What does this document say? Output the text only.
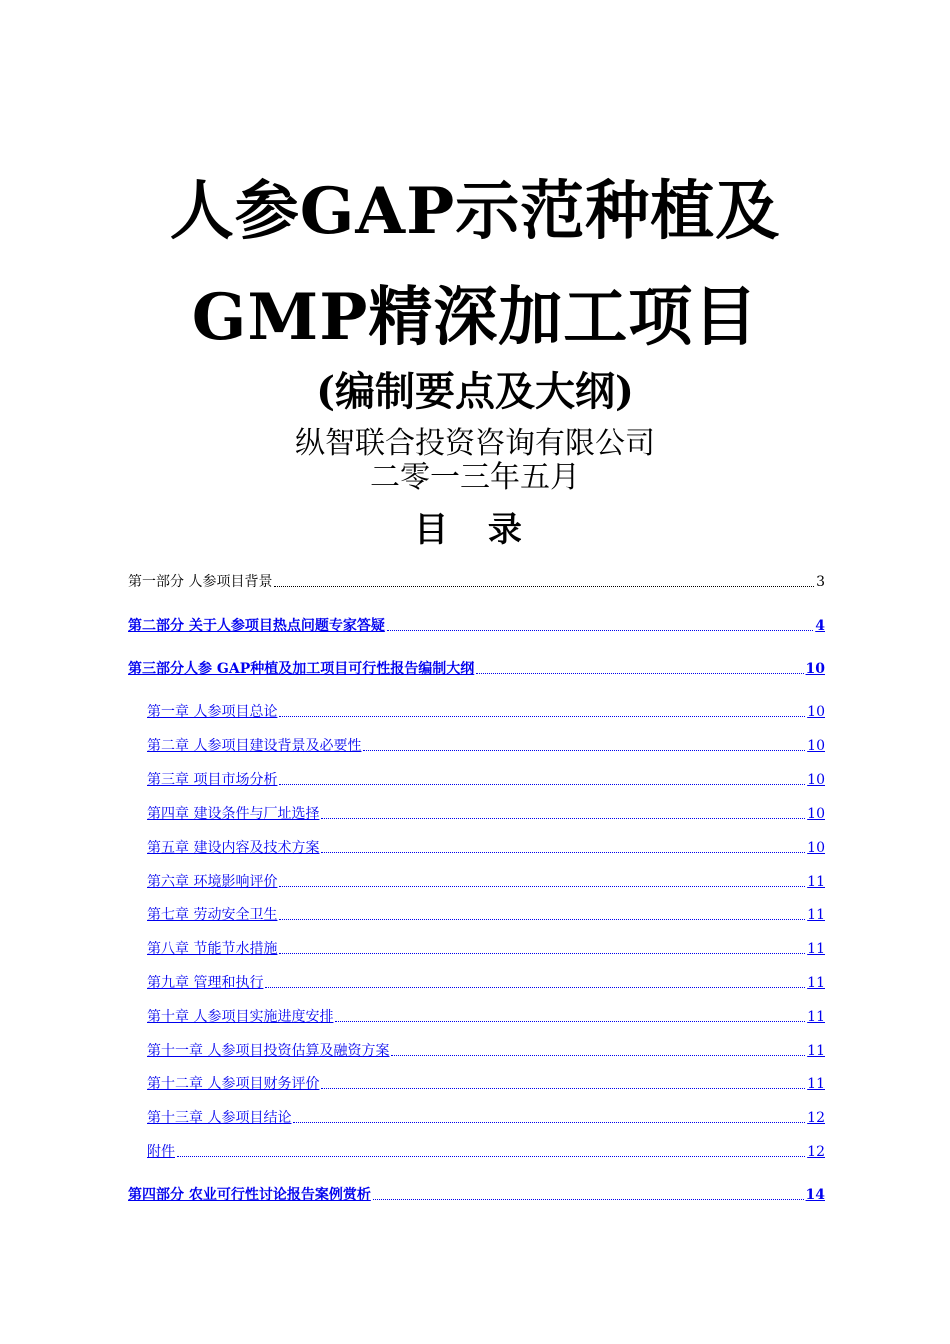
人参GAP示范种植及
GMP精深加工项目
(编制要点及大纲)
纵智联合投资咨询有限公司
二零一三年五月
目 录
第一部分 人参项目背景	3
第二部分 关于人参项目热点问题专家答疑	4
第三部分人参 GAP种植及加工项目可行性报告编制大纲	10
第一章 人参项目总论	10
第二章 人参项目建设背景及必要性	10
第三章 项目市场分析	10
第四章 建设条件与厂址选择	10
第五章 建设内容及技术方案	10
第六章 环境影响评价	11
第七章 劳动安全卫生	11
第八章 节能节水措施	11
第九章 管理和执行	11
第十章 人参项目实施进度安排	11
第十一章 人参项目投资估算及融资方案	11
第十二章 人参项目财务评价	11
第十三章 人参项目结论	12
附件	12
第四部分 农业可行性讨论报告案例赏析	14
